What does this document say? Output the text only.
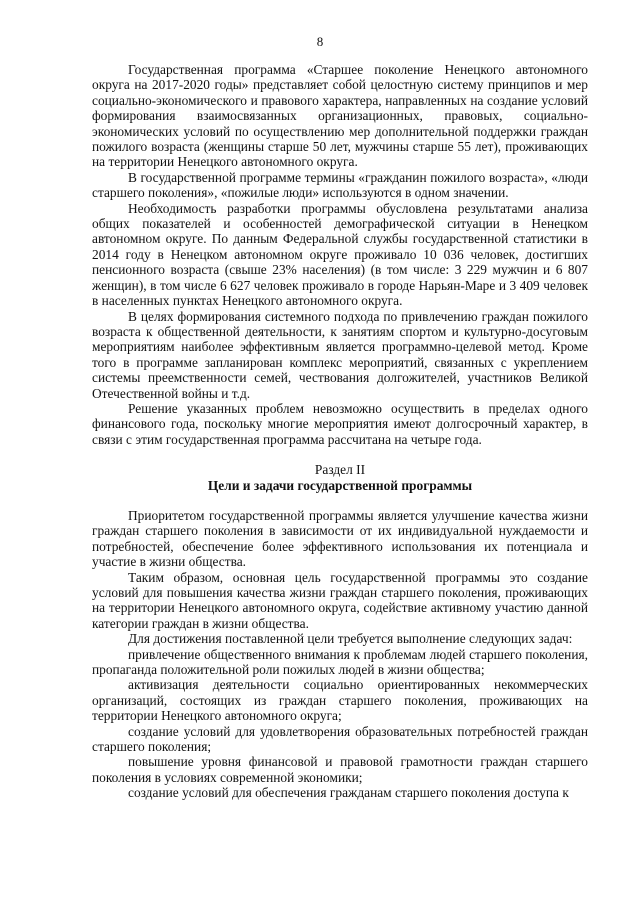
8

Государственная программа «Старшее поколение Ненецкого автономного округа на 2017-2020 годы» представляет собой целостную систему принципов и мер социально-экономического и правового характера, направленных на создание условий формирования взаимосвязанных организационных, правовых, социально-экономических условий по осуществлению мер дополнительной поддержки граждан пожилого возраста (женщины старше 50 лет, мужчины старше 55 лет), проживающих на территории Ненецкого автономного округа.

В государственной программе термины «гражданин пожилого возраста», «люди старшего поколения», «пожилые люди» используются в одном значении.

Необходимость разработки программы обусловлена результатами анализа общих показателей и особенностей демографической ситуации в Ненецком автономном округе. По данным Федеральной службы государственной статистики в 2014 году в Ненецком автономном округе проживало 10 036 человек, достигших пенсионного возраста (свыше 23% населения) (в том числе: 3 229 мужчин и 6 807 женщин), в том числе 6 627 человек проживало в городе Нарьян-Маре и 3 409 человек в населенных пунктах Ненецкого автономного округа.

В целях формирования системного подхода по привлечению граждан пожилого возраста к общественной деятельности, к занятиям спортом и культурно-досуговым мероприятиям наиболее эффективным является программно-целевой метод. Кроме того в программе запланирован комплекс мероприятий, связанных с укреплением системы преемственности семей, чествования долгожителей, участников Великой Отечественной войны и т.д.

Решение указанных проблем невозможно осуществить в пределах одного финансового года, поскольку многие мероприятия имеют долгосрочный характер, в связи с этим государственная программа рассчитана на четыре года.

Раздел II

Цели и задачи государственной программы

Приоритетом государственной программы является улучшение качества жизни граждан старшего поколения в зависимости от их индивидуальной нуждаемости и потребностей, обеспечение более эффективного использования их потенциала и участие в жизни общества.

Таким образом, основная цель государственной программы это создание условий для повышения качества жизни граждан старшего поколения, проживающих на территории Ненецкого автономного округа, содействие активному участию данной категории граждан в жизни общества.

Для достижения поставленной цели требуется выполнение следующих задач:

привлечение общественного внимания к проблемам людей старшего поколения, пропаганда положительной роли пожилых людей в жизни общества;

активизация деятельности социально ориентированных некоммерческих организаций, состоящих из граждан старшего поколения, проживающих на территории Ненецкого автономного округа;

создание условий для удовлетворения образовательных потребностей граждан старшего поколения;

повышение уровня финансовой и правовой грамотности граждан старшего поколения в условиях современной экономики;

создание условий для обеспечения гражданам старшего поколения доступа к
